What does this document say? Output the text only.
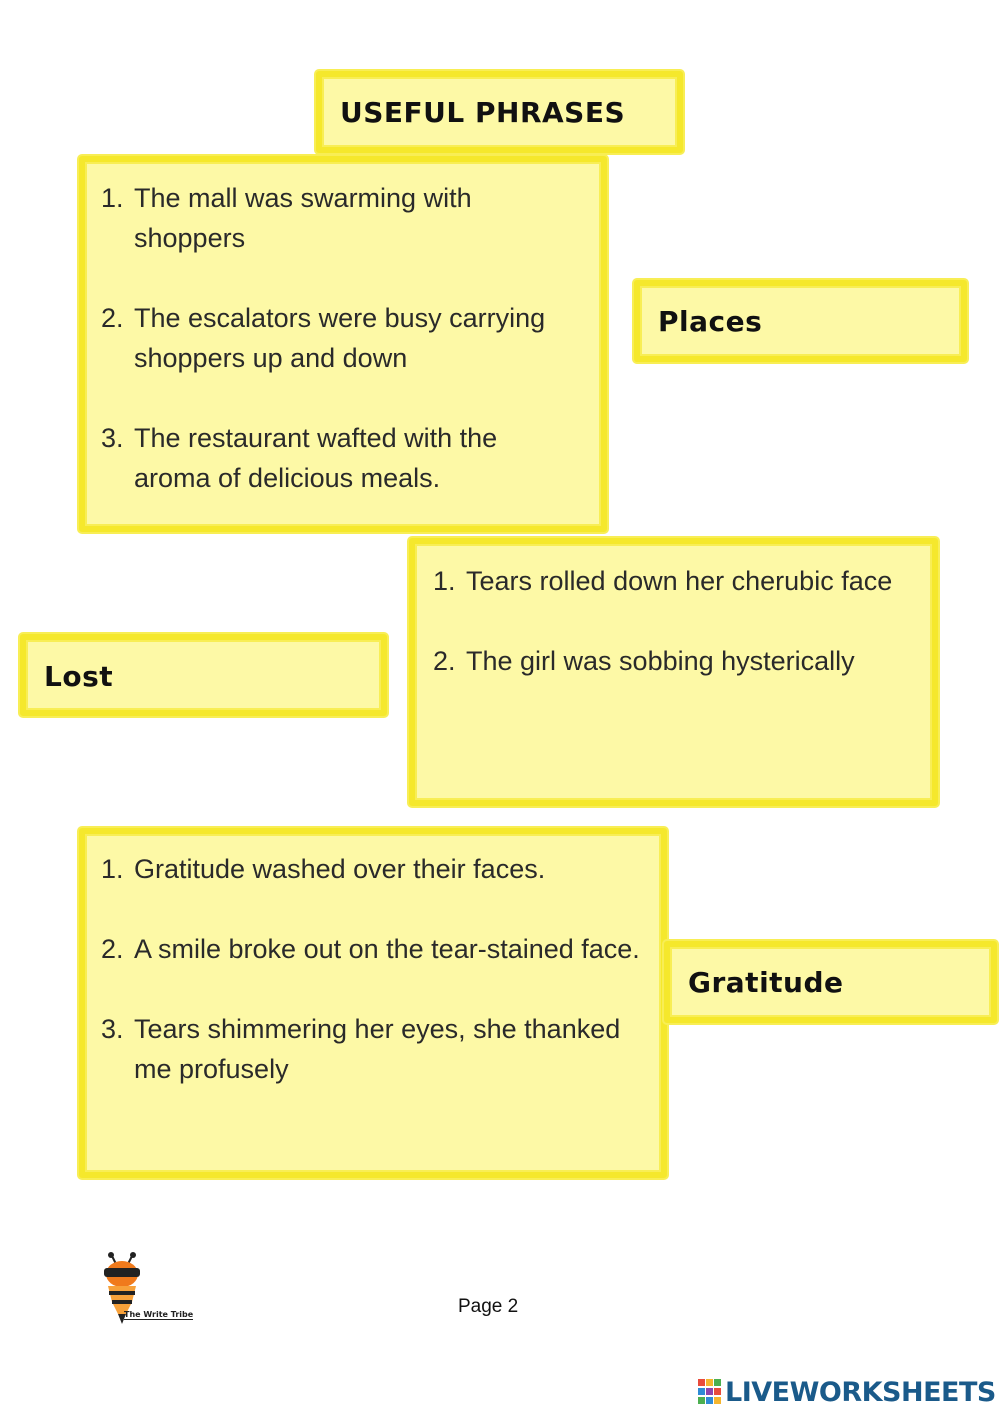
USEFUL PHRASES
1. The mall was swarming with shoppers
2. The escalators were busy carrying shoppers up and down
3. The restaurant wafted with the aroma of delicious meals.
Places
1. Tears rolled down her cherubic face
2. The girl was sobbing hysterically
Lost
1. Gratitude washed over their faces.
2. A smile broke out on the tear-stained face.
3. Tears shimmering her eyes, she thanked me profusely
Gratitude
The Write Tribe	Page 2
LIVEWORKSHEETS
